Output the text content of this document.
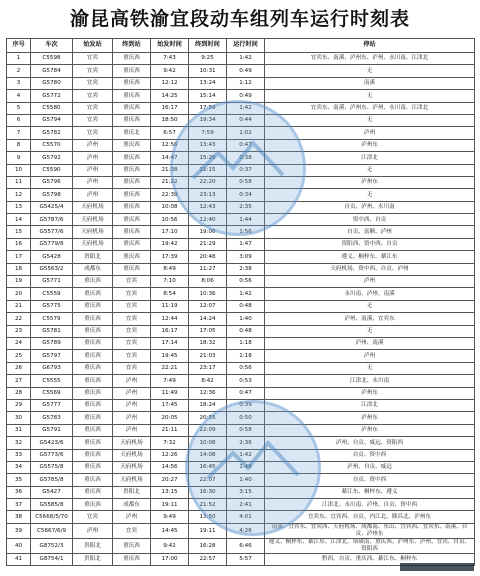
渝昆高铁渝宜段动车组列车运行时刻表
序号	车次	始发站	终到站	始发时间	终到时间	运行时间	停站
1	C5598	宜宾	重庆西	7:43	9:25	1:42	宜宾东、南溪、泸州东、泸州、永川南、江津北
2	G5784	宜宾	重庆西	9:42	10:31	0:49	无
3	G5780	宜宾	重庆西	12:12	13:24	1:12	南溪
4	G5772	宜宾	重庆西	14:25	15:14	0:49	无
5	C5580	宜宾	重庆西	16:17	17:59	1:42	宜宾东、南溪、泸州东、泸州、永川南、江津北
6	G5794	宜宾	重庆西	18:50	19:34	0:44	无
7	G5782	宜宾	重庆北	6:57	7:59	1:02	泸州
8	C5570	泸州	重庆西	12:56	13:43	0:47	泸州东
9	G5792	泸州	重庆西	14:47	15:25	0:38	江津北
10	C5590	泸州	重庆西	21:38	22:15	0:37	无
11	G5796	泸州	重庆西	21:22	22:20	0:58	泸州东
12	G5798	泸州	重庆西	22:39	23:13	0:34	无
13	G5425/4	天府机场	重庆西	10:08	12:43	2:35	自贡、泸州、永川南
14	G5787/6	天府机场	重庆西	10:56	12:40	1:44	资中西、自贡
15	G5577/6	天府机场	重庆西	17:10	19:06	1:56	自贡、富顺、泸州
16	G5779/8	天府机场	重庆西	19:42	21:29	1:47	资阳西、资中西、自贡
17	G5428	贵阳北	重庆西	17:39	20:48	3:09	遵义、桐梓东、綦江东
18	G5563/2	成都东	重庆西	8:49	11:27	2:38	天府机场、资中西、自贡、泸州
19	G5771	重庆西	宜宾	7:10	8:06	0:56	泸州
20	C5559	重庆西	宜宾	8:54	10:36	1:42	永川南、泸州、南溪
21	G5775	重庆西	宜宾	11:19	12:07	0:48	无
22	C5579	重庆西	宜宾	12:44	14:24	1:40	泸州、南溪、宜宾东
23	G5781	重庆西	宜宾	16:17	17:05	0:48	无
24	G5789	重庆西	宜宾	17:14	18:32	1:18	泸州、南溪
25	G5797	重庆西	宜宾	19:45	21:03	1:18	泸州
26	G6793	重庆西	宜宾	22:21	23:17	0:56	无
27	C5555	重庆西	泸州	7:49	8:42	0:53	江津北、永川南
28	C5569	重庆西	泸州	11:49	12:36	0:47	泸州东
29	G5777	重庆西	泸州	17:45	18:24	0:39	江津北
30	G5783	重庆西	泸州	20:05	20:55	0:50	泸州东
31	G5791	重庆西	泸州	21:11	22:09	0:58	泸州东
32	G5423/6	重庆西	天府机场	7:32	10:08	2:36	泸州、自贡、威远、资阳西
33	G5773/6	重庆西	天府机场	12:26	14:08	1:42	自贡、资中西
34	G5575/8	重庆西	天府机场	14:56	16:45	1:49	泸州、自贡、威远
35	G5785/8	重庆西	天府机场	20:27	22:07	1:40	自贡、资中西
36	G5427	重庆西	贵阳北	13:15	16:30	3:15	綦江东、桐梓东、遵义
37	G5585/8	重庆西	成都东	19:11	21:52	2:41	江津北、永川南、泸州、自贡、资中西
38	C5668/5/70	宜宾	泸州	9:49	13:50	4:01	宜宾东、宜宾西、自贡、内江北、隆昌北、泸州东
39	C5667/6/9	泸州	宜宾	14:45	19:11	4:26	南溪、宜宾东、宜宾西、天府机场、成都南、东山、宜宾西、宜宾东、南溪、自贡、泸州东
40	G8752/3	贵阳北	重庆西	9:42	16:28	6:46	遵义、桐梓东、綦江东、江津北、珞璜南、重庆西、泸州东、泸州、宜宾、自贡、资阳西
41	G8754/1	贵阳北	重庆西	17:00	22:57	5:57	黔西、自贡、重庆西、綦江东、桐梓东
